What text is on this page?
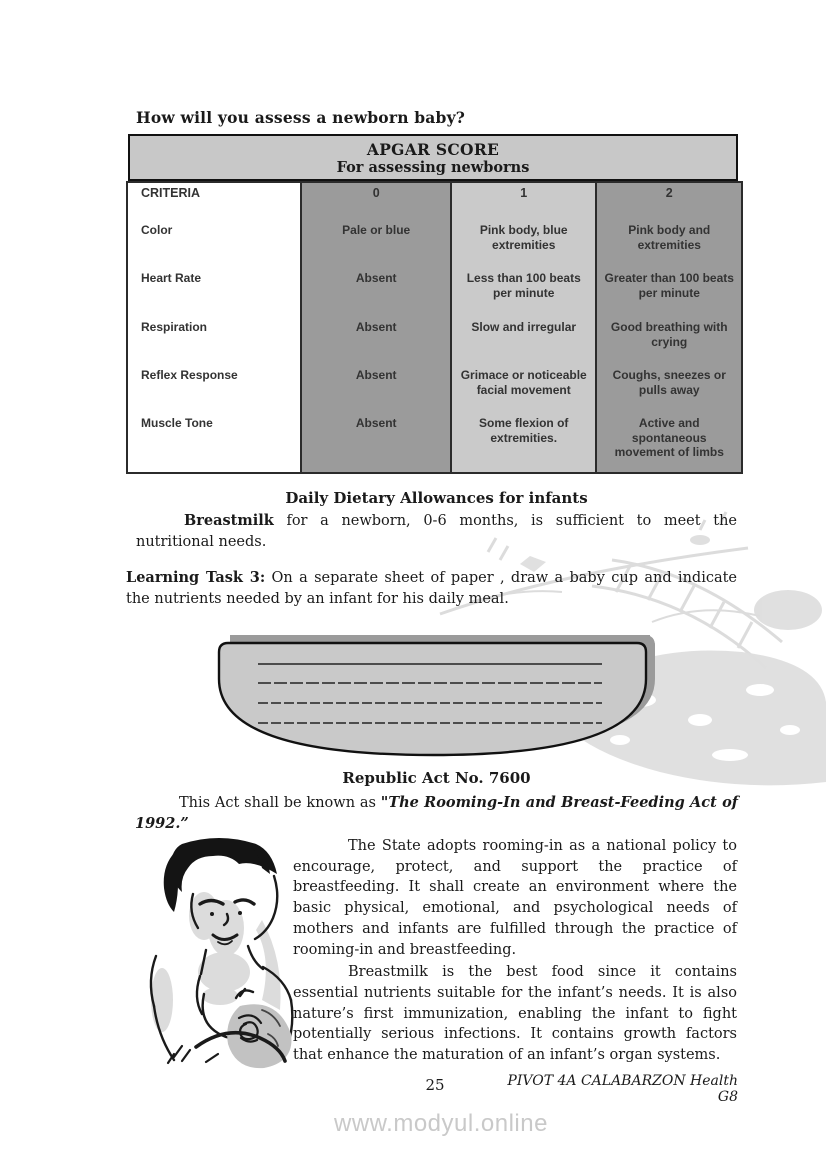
How will you assess a newborn baby?
APGAR SCORE
For assessing newborns
CRITERIA
Color
Heart Rate
Respiration
Reflex Response
Muscle Tone
0
Pale or blue
Absent
Absent
Absent
Absent
1
Pink body, blue extremities
Less than 100 beats per minute
Slow and irregular
Grimace or noticeable facial movement
Some flexion of extremities.
2
Pink body and extremities
Greater than 100 beats per minute
Good breathing with crying
Coughs, sneezes or pulls away
Active and spontaneous movement of limbs
Daily Dietary Allowances for infants

Breastmilk for a newborn, 0-6 months, is sufficient to meet the nutritional needs.

Learning Task 3: On a separate sheet of paper , draw a baby cup and indicate the nutrients needed by an infant for his daily meal.

Republic Act No. 7600

This Act shall be known as "The Rooming-In and Breast-Feeding Act of 1992.”

The State adopts rooming-in as a national policy to encourage, protect, and support the practice of breastfeeding. It shall create an environment where the basic physical, emotional, and psychological needs of mothers and infants are fulfilled through the practice of rooming-in and breastfeeding.

Breastmilk is the best food since it contains essential nutrients suitable for the infant’s needs. It is also nature’s first immunization, enabling the infant to fight potentially serious infections. It contains growth factors that enhance the maturation of an infant’s organ systems.

25	PIVOT 4A CALABARZON Health G8
www.modyul.online
